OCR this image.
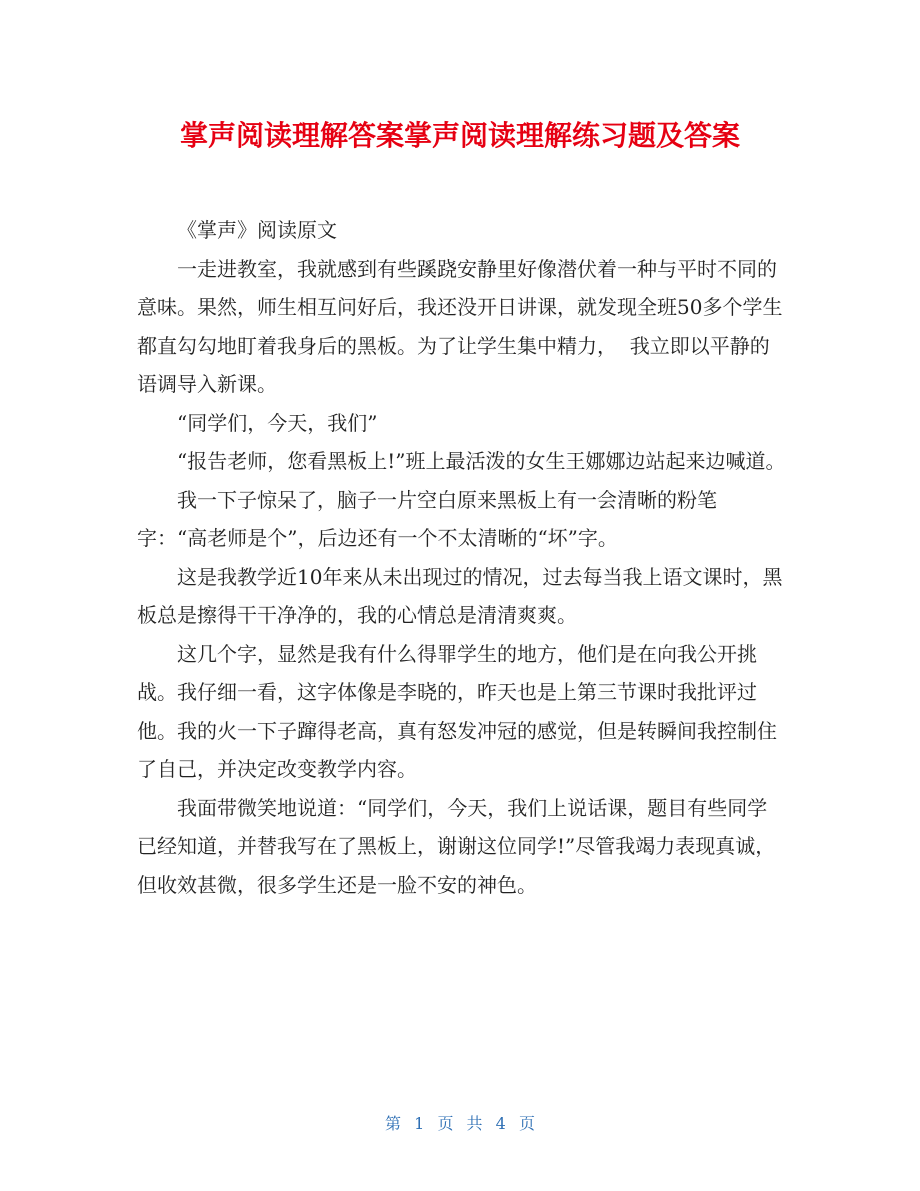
掌声阅读理解答案掌声阅读理解练习题及答案

《掌声》阅读原文

一走进教室，我就感到有些蹊跷安静里好像潜伏着一种与平时不同的意味。果然，师生相互问好后，我还没开日讲课，就发现全班50多个学生都直勾勾地盯着我身后的黑板。为了让学生集中精力，  我立即以平静的语调导入新课。

“同学们，今天，我们”

“报告老师，您看黑板上!”班上最活泼的女生王娜娜边站起来边喊道。

我一下子惊呆了，脑子一片空白原来黑板上有一会清晰的粉笔字：“高老师是个”，后边还有一个不太清晰的“坏”字。

这是我教学近10年来从未出现过的情况，过去每当我上语文课时，黑板总是擦得干干净净的，我的心情总是清清爽爽。

这几个字，显然是我有什么得罪学生的地方，他们是在向我公开挑战。我仔细一看，这字体像是李晓的，昨天也是上第三节课时我批评过他。我的火一下子蹿得老高，真有怒发冲冠的感觉，但是转瞬间我控制住了自己，并决定改变教学内容。

我面带微笑地说道：“同学们，今天，我们上说话课，题目有些同学已经知道，并替我写在了黑板上，谢谢这位同学!”尽管我竭力表现真诚，但收效甚微，很多学生还是一脸不安的神色。

第 1 页 共 4 页
